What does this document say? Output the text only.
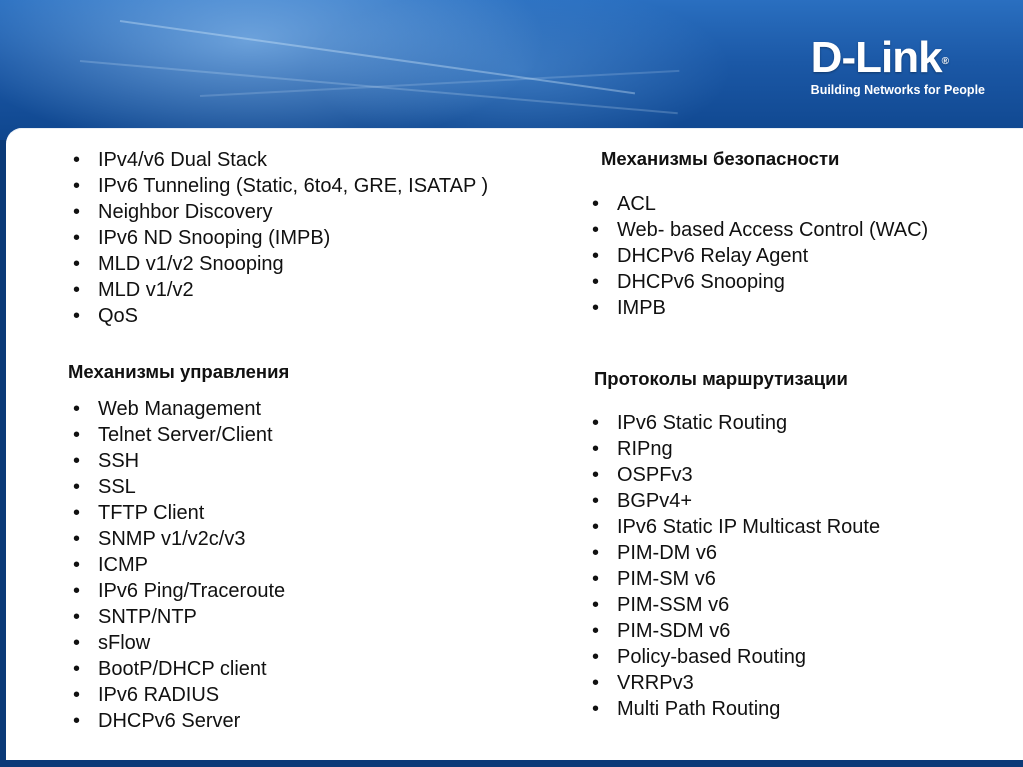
D-Link®
Building Networks for People
• IPv4/v6 Dual Stack
• IPv6 Tunneling (Static, 6to4, GRE, ISATAP )
• Neighbor Discovery
• IPv6 ND Snooping (IMPB)
• MLD v1/v2 Snooping
• MLD v1/v2
• QoS
Механизмы управления
• Web Management
• Telnet Server/Client
• SSH
• SSL
• TFTP Client
• SNMP v1/v2c/v3
• ICMP
• IPv6 Ping/Traceroute
• SNTP/NTP
• sFlow
• BootP/DHCP client
• IPv6 RADIUS
• DHCPv6 Server
Механизмы безопасности
• ACL
• Web- based Access Control (WAC)
• DHCPv6 Relay Agent
• DHCPv6 Snooping
• IMPB
Протоколы маршрутизации
• IPv6 Static Routing
• RIPng
• OSPFv3
• BGPv4+
• IPv6 Static IP Multicast Route
• PIM-DM v6
• PIM-SM v6
• PIM-SSM v6
• PIM-SDM v6
• Policy-based Routing
• VRRPv3
• Multi Path Routing
